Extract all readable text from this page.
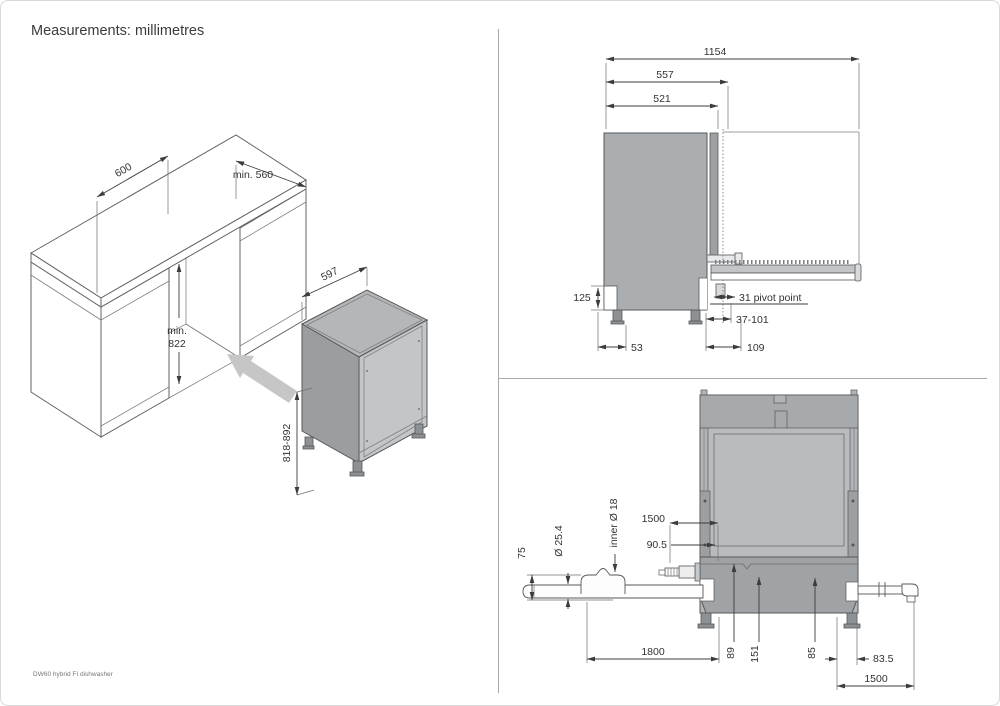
Measurements: millimetres
DW60 hybrid FI dishwasher
600	min. 560
min.
822
597
818-892
1154
557
521
125
53
31 pivot point
37-101
109
75 Ø 25.4	inner Ø 18 1500
90.5
1800	89 151	85	83.5
1500
